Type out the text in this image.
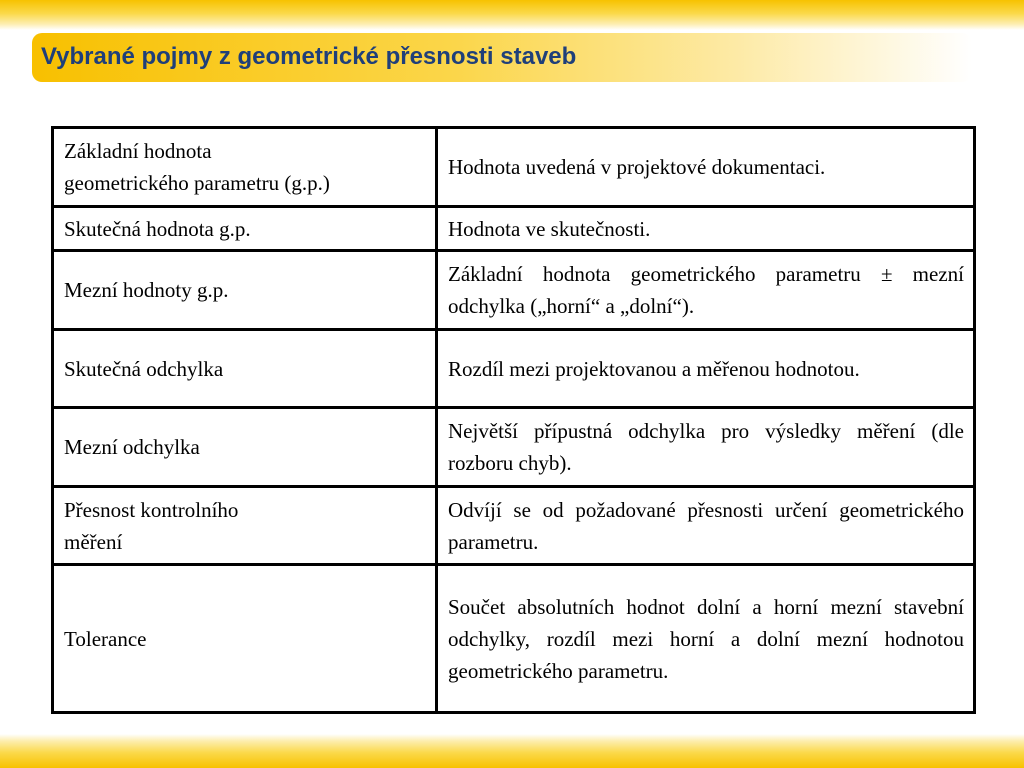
Vybrané pojmy z geometrické přesnosti staveb
Základní hodnota
geometrického parametru (g.p.)	Hodnota uvedená v projektové dokumentaci.
Skutečná hodnota g.p.	Hodnota ve skutečnosti.
Mezní hodnoty g.p.	Základní hodnota geometrického parametru ± mezní odchylka („horní“ a „dolní“).
Skutečná odchylka	Rozdíl mezi projektovanou a měřenou hodnotou.
Mezní odchylka	Největší přípustná odchylka pro výsledky měření (dle rozboru chyb).
Přesnost kontrolního
měření	Odvíjí se od požadované přesnosti určení geometrického parametru.
Tolerance	Součet absolutních hodnot dolní a horní mezní stavební odchylky, rozdíl mezi horní a dolní mezní hodnotou geometrického parametru.
